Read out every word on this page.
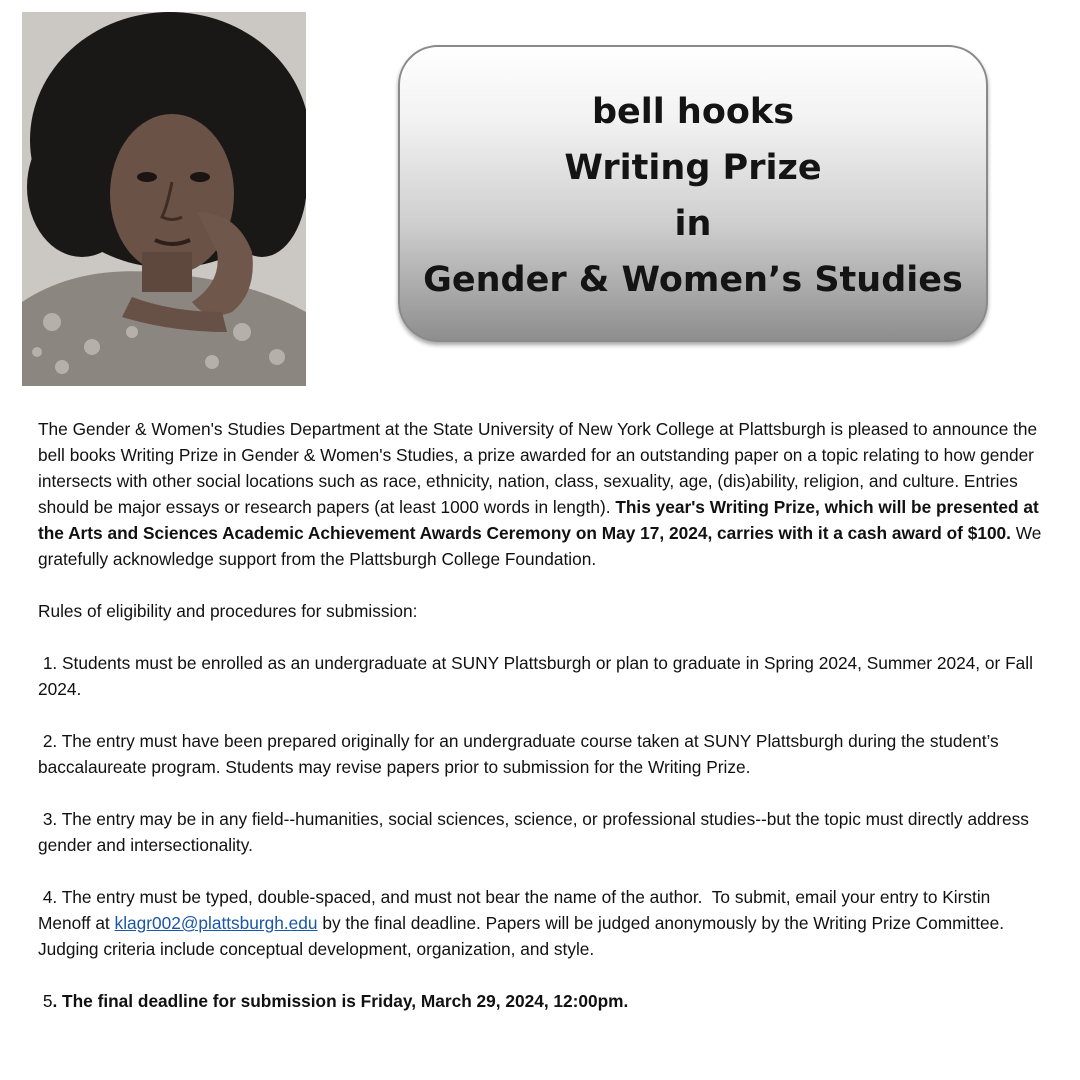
bell hooks
Writing Prize
in
Gender & Women’s Studies

The Gender & Women's Studies Department at the State University of New York College at Plattsburgh is pleased to announce the bell books Writing Prize in Gender & Women's Studies, a prize awarded for an outstanding paper on a topic relating to how gender intersects with other social locations such as race, ethnicity, nation, class, sexuality, age, (dis)ability, religion, and culture. Entries should be major essays or research papers (at least 1000 words in length). This year's Writing Prize, which will be presented at the Arts and Sciences Academic Achievement Awards Ceremony on May 17, 2024, carries with it a cash award of $100. We gratefully acknowledge support from the Plattsburgh College Foundation.

Rules of eligibility and procedures for submission:

1. Students must be enrolled as an undergraduate at SUNY Plattsburgh or plan to graduate in Spring 2024, Summer 2024, or Fall 2024.

2. The entry must have been prepared originally for an undergraduate course taken at SUNY Plattsburgh during the student’s baccalaureate program. Students may revise papers prior to submission for the Writing Prize.

3. The entry may be in any field--humanities, social sciences, science, or professional studies--but the topic must directly address gender and intersectionality.

4. The entry must be typed, double-spaced, and must not bear the name of the author.  To submit, email your entry to Kirstin Menoff at klagr002@plattsburgh.edu by the final deadline. Papers will be judged anonymously by the Writing Prize Committee. Judging criteria include conceptual development, organization, and style.

5. The final deadline for submission is Friday, March 29, 2024, 12:00pm.
